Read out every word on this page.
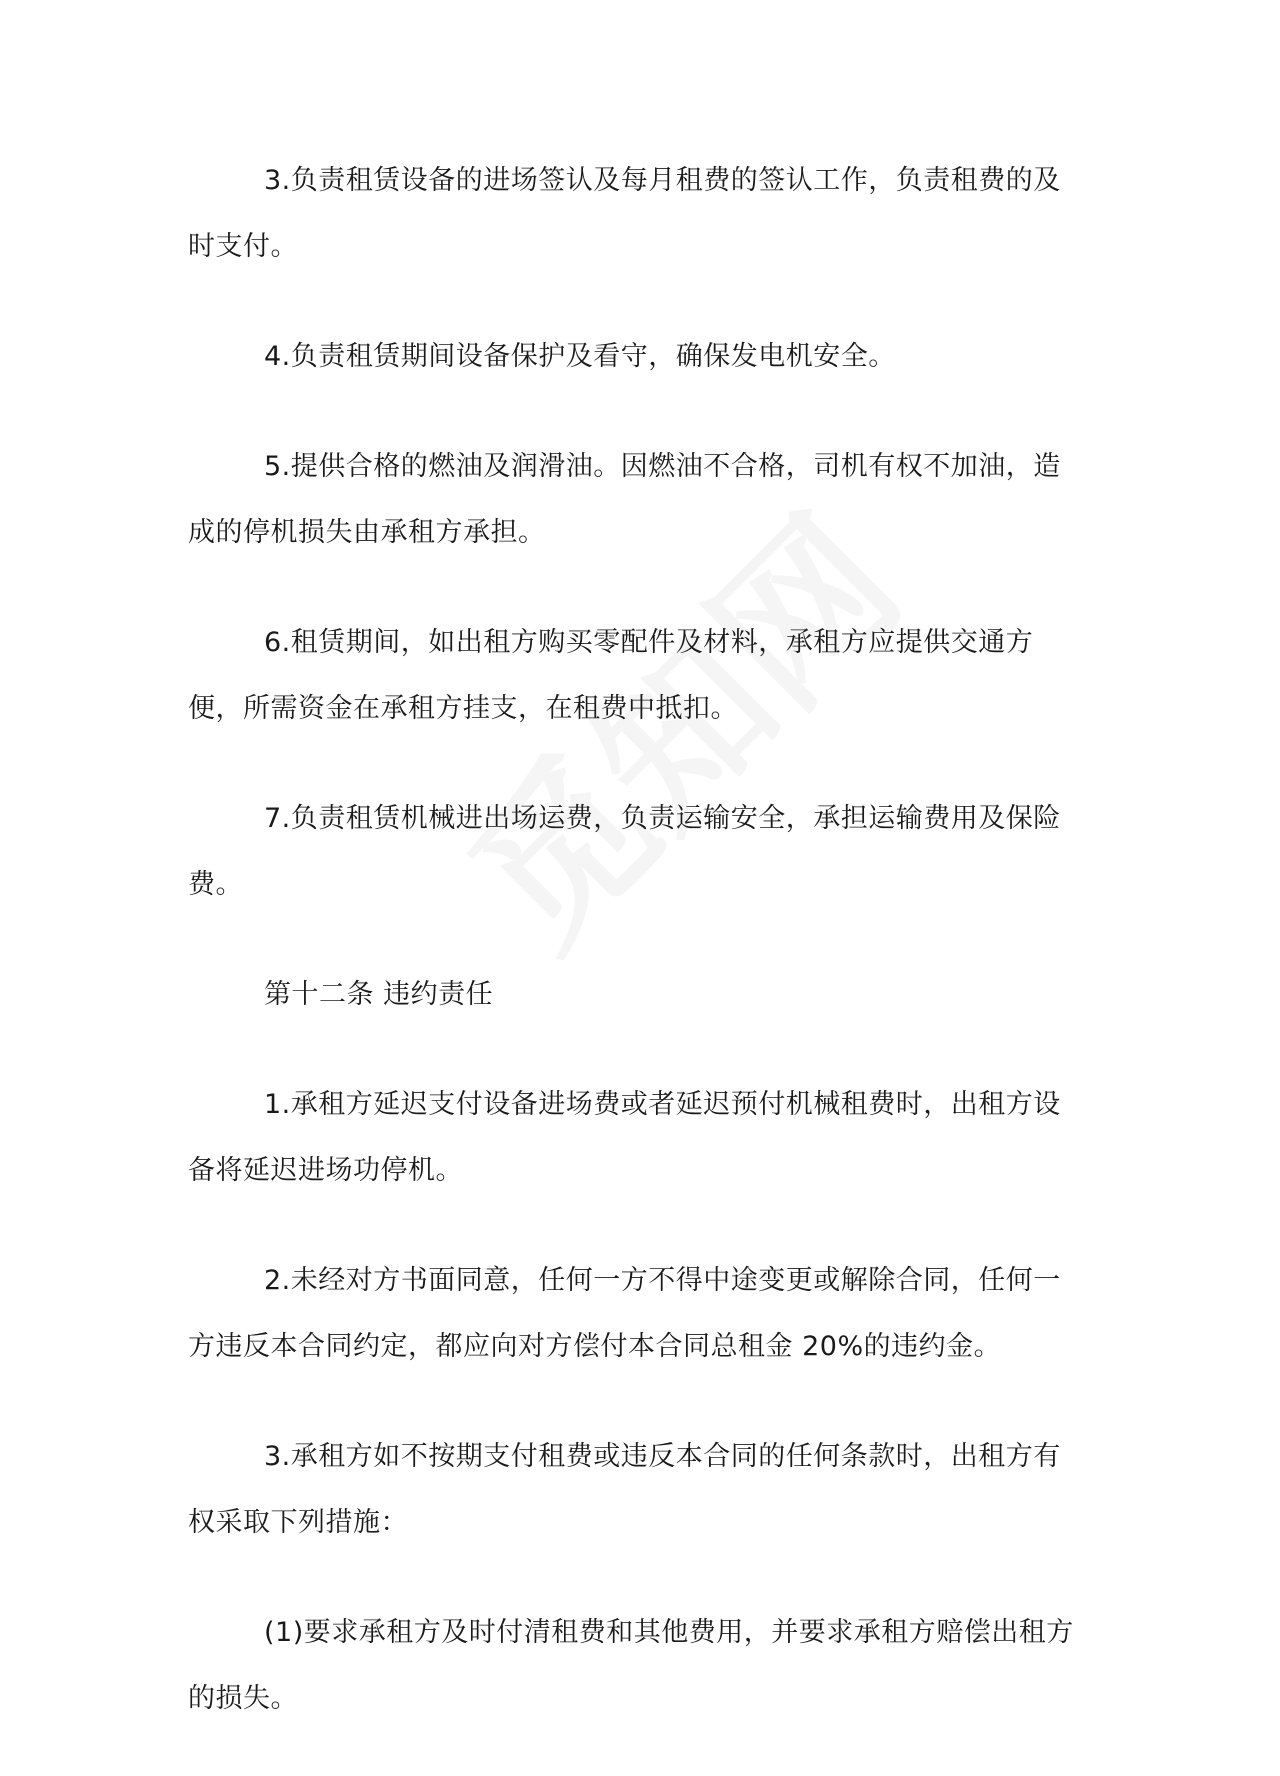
3.负责租赁设备的进场签认及每月租费的签认工作，负责租费的及时支付。

4.负责租赁期间设备保护及看守，确保发电机安全。

5.提供合格的燃油及润滑油。因燃油不合格，司机有权不加油，造成的停机损失由承租方承担。

6.租赁期间，如出租方购买零配件及材料，承租方应提供交通方便，所需资金在承租方挂支，在租费中抵扣。

7.负责租赁机械进出场运费，负责运输安全，承担运输费用及保险费。

第十二条 违约责任

1.承租方延迟支付设备进场费或者延迟预付机械租费时，出租方设备将延迟进场功停机。

2.未经对方书面同意，任何一方不得中途变更或解除合同，任何一方违反本合同约定，都应向对方偿付本合同总租金 20%的违约金。

3.承租方如不按期支付租费或违反本合同的任何条款时，出租方有权采取下列措施：

(1)要求承租方及时付清租费和其他费用，并要求承租方赔偿出租方的损失。
